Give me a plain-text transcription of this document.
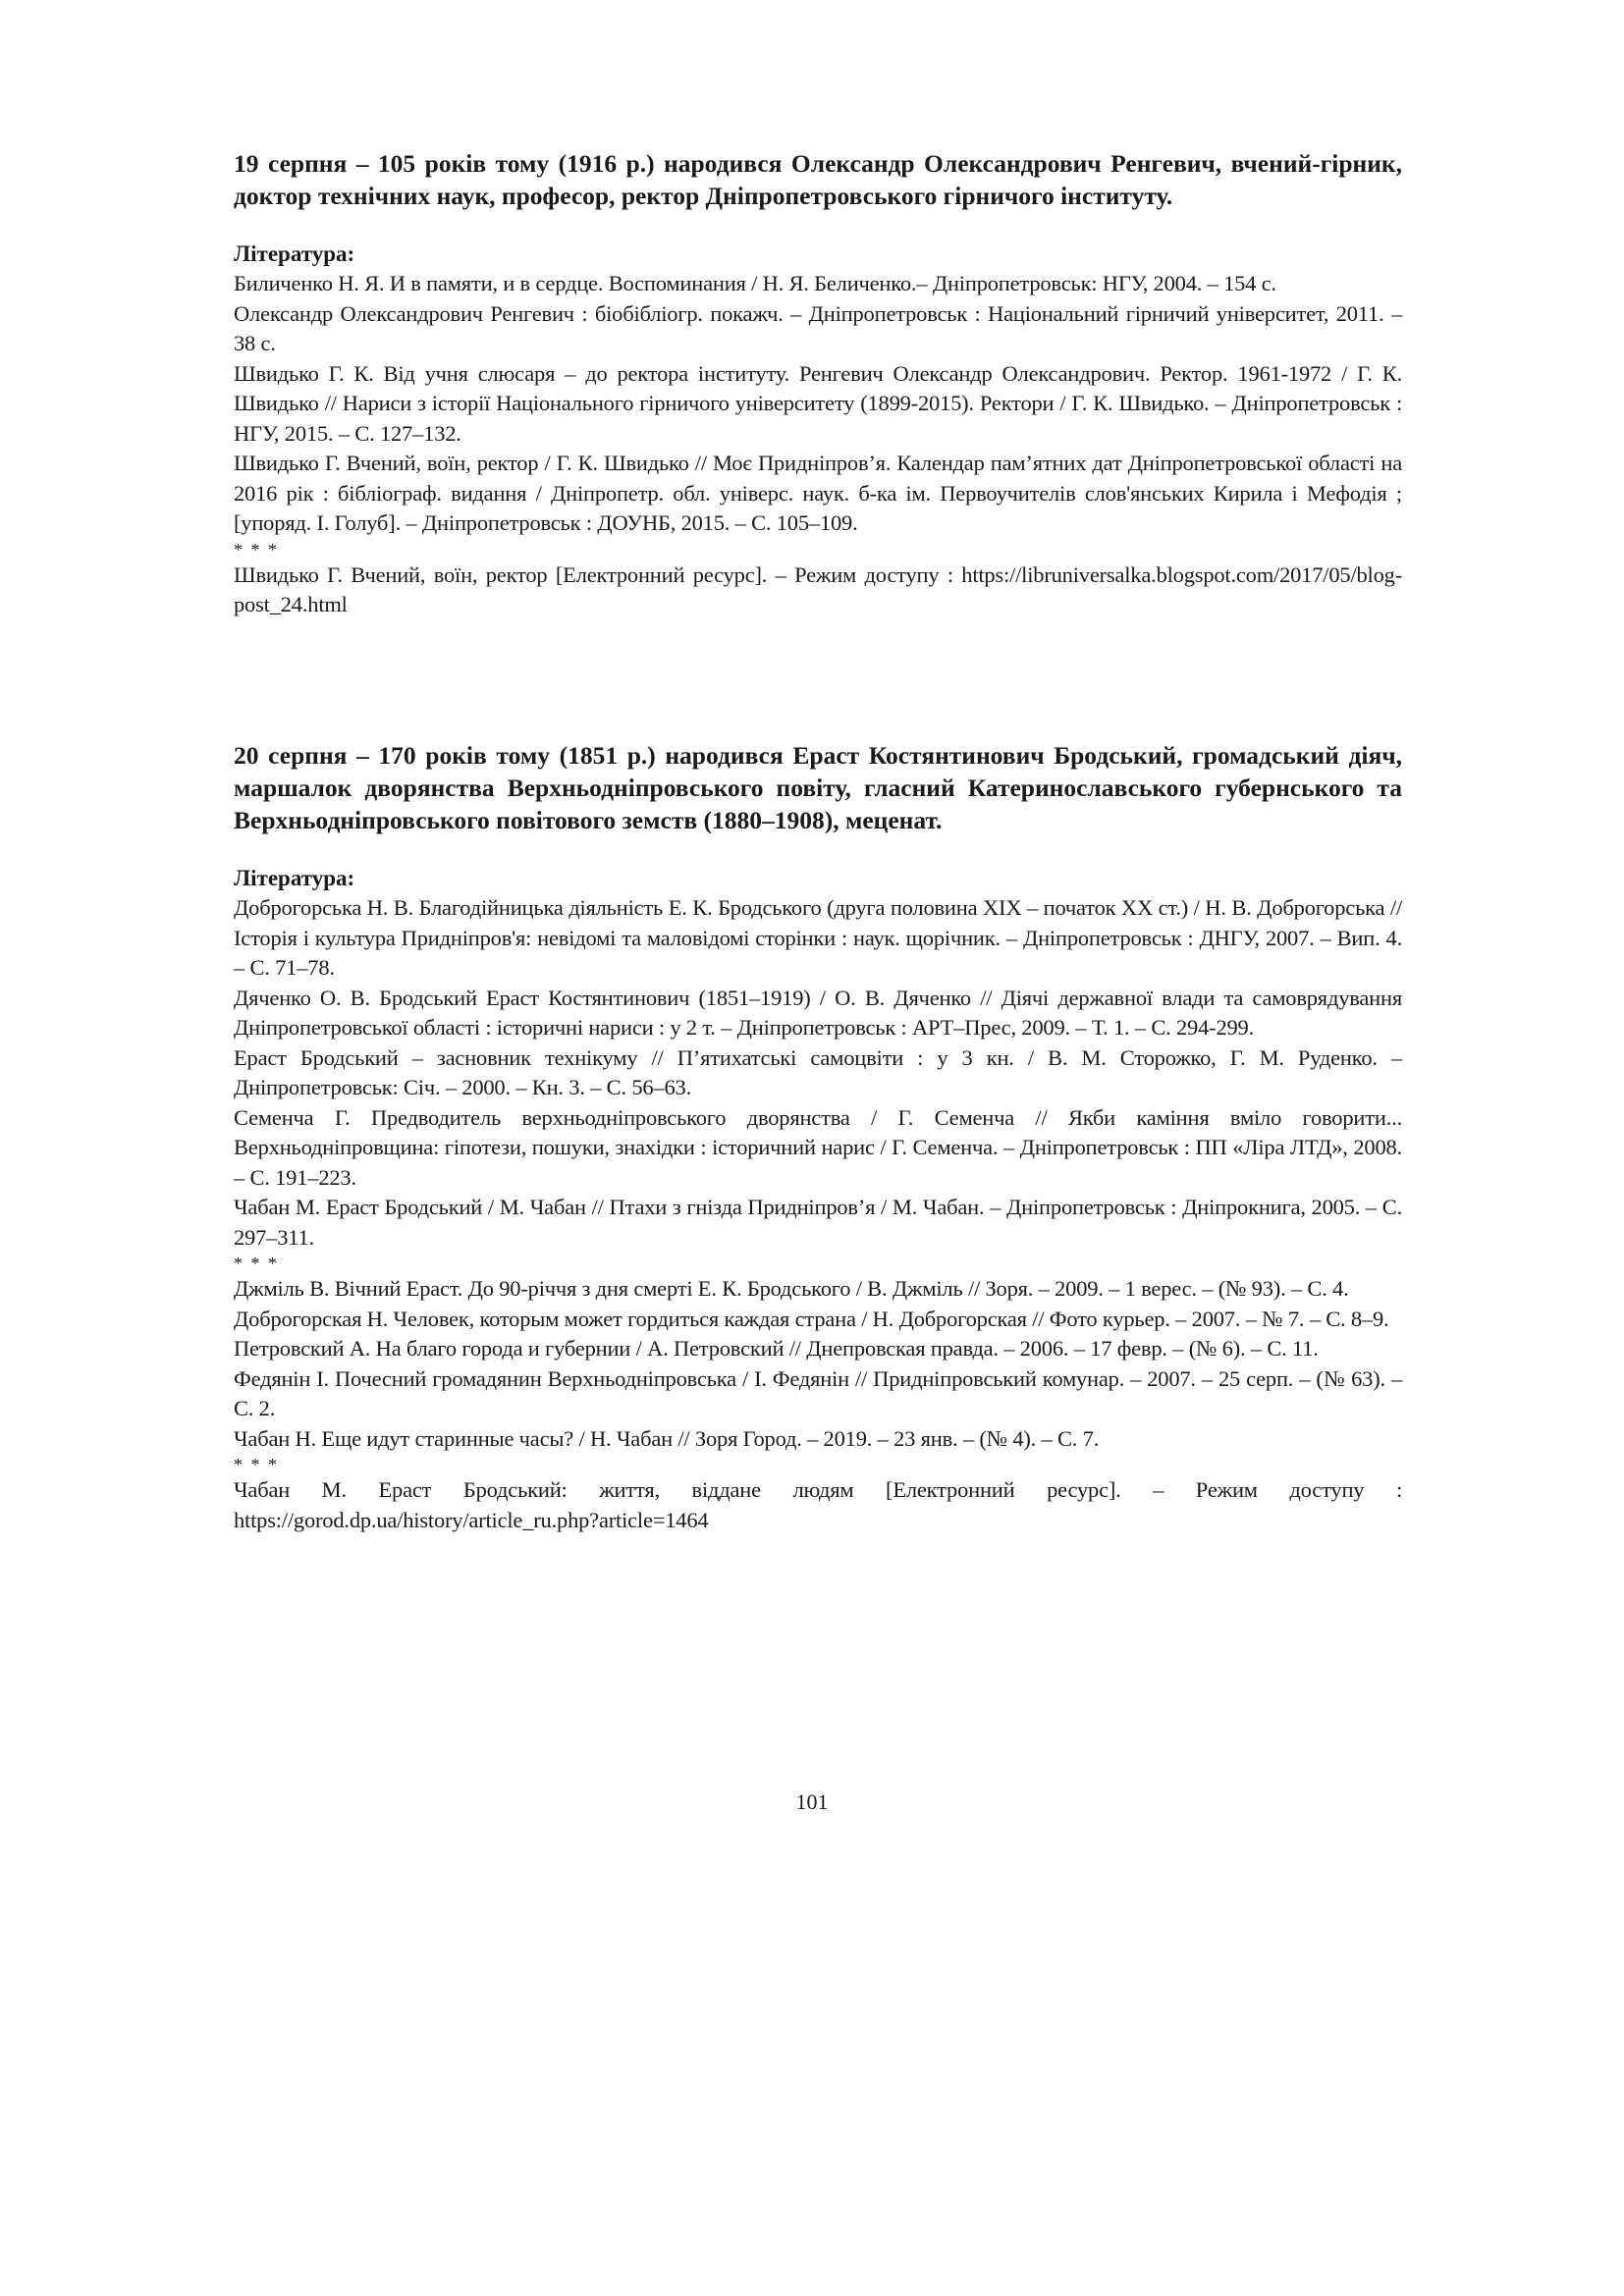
19 серпня – 105 років тому (1916 р.) народився Олександр Олександрович Ренгевич, вчений-гірник, доктор технічних наук, професор, ректор Дніпропетровського гірничого інституту.

Література:

Биличенко Н. Я. И в памяти, и в сердце. Воспоминания / Н. Я. Беличенко.– Дніпропетровськ: НГУ, 2004. – 154 с.

Олександр Олександрович Ренгевич : біобібліогр. покажч. – Дніпропетровськ : Національний гірничий університет, 2011. – 38 с.

Швидько Г. К. Від учня слюсаря – до ректора інституту. Ренгевич Олександр Олександрович. Ректор. 1961-1972 / Г. К. Швидько // Нариси з історії Національного гірничого університету (1899-2015). Ректори / Г. К. Швидько. – Дніпропетровськ : НГУ, 2015. – С. 127–132.

Швидько Г. Вчений, воїн, ректор / Г. К. Швидько // Моє Придніпров’я. Календар пам’ятних дат Дніпропетровської області на 2016 рік : бібліограф. видання / Дніпропетр. обл. універс. наук. б-ка ім. Первоучителів слов'янських Кирила і Мефодія ; [упоряд. І. Голуб]. – Дніпропетровськ : ДОУНБ, 2015. – С. 105–109.

* * *

Швидько Г. Вчений, воїн, ректор [Електронний ресурс]. – Режим доступу : https://libruniversalka.blogspot.com/2017/05/blog-post_24.html

20 серпня – 170 років тому (1851 р.) народився Ераст Костянтинович Бродський, громадський діяч, маршалок дворянства Верхньодніпровського повіту, гласний Катеринославського губернського та Верхньодніпровського повітового земств (1880–1908), меценат.

Література:

Доброгорська Н. В. Благодійницька діяльність Е. К. Бродського (друга половина XIX – початок XX ст.) / Н. В. Доброгорська // Історія і культура Придніпров'я: невідомі та маловідомі сторінки : наук. щорічник. – Дніпропетровськ : ДНГУ, 2007. – Вип. 4. – С. 71–78.

Дяченко О. В. Бродський Ераст Костянтинович (1851–1919) / О. В. Дяченко // Діячі державної влади та самоврядування Дніпропетровської області : історичні нариси : у 2 т. – Дніпропетровськ : АРТ–Прес, 2009. – Т. 1. – С. 294-299.

Ераст Бродський – засновник технікуму // П’ятихатські самоцвіти : у 3 кн. / В. М. Сторожко, Г. М. Руденко. – Дніпропетровськ: Січ. – 2000. – Кн. 3. – С. 56–63.

Семенча Г. Предводитель верхньодніпровського дворянства / Г. Семенча // Якби каміння вміло говорити... Верхньодніпровщина: гіпотези, пошуки, знахідки : історичний нарис / Г. Семенча. – Дніпропетровськ : ПП «Ліра ЛТД», 2008. – С. 191–223.

Чабан М. Ераст Бродський / М. Чабан // Птахи з гнізда Придніпров’я / М. Чабан. – Дніпропетровськ : Дніпрокнига, 2005. – С. 297–311.

* * *

Джміль В. Вічний Ераст. До 90-річчя з дня смерті Е. К. Бродського / В. Джміль // Зоря. – 2009. – 1 верес. – (№ 93). – С. 4.

Доброгорская Н. Человек, которым может гордиться каждая страна / Н. Доброгорская // Фото курьер. – 2007. – № 7. – С. 8–9.

Петровский А. На благо города и губернии / А. Петровский // Днепровская правда. – 2006. – 17 февр. – (№ 6). – С. 11.

Федянін І. Почесний громадянин Верхньодніпровська / І. Федянін // Придніпровський комунар. – 2007. – 25 серп. – (№ 63). – С. 2.

Чабан Н. Еще идут старинные часы? / Н. Чабан // Зоря Город. – 2019. – 23 янв. – (№ 4). – С. 7.

* * *

Чабан М. Ераст Бродський: життя, віддане людям [Електронний ресурс]. – Режим доступу : https://gorod.dp.ua/history/article_ru.php?article=1464

101
